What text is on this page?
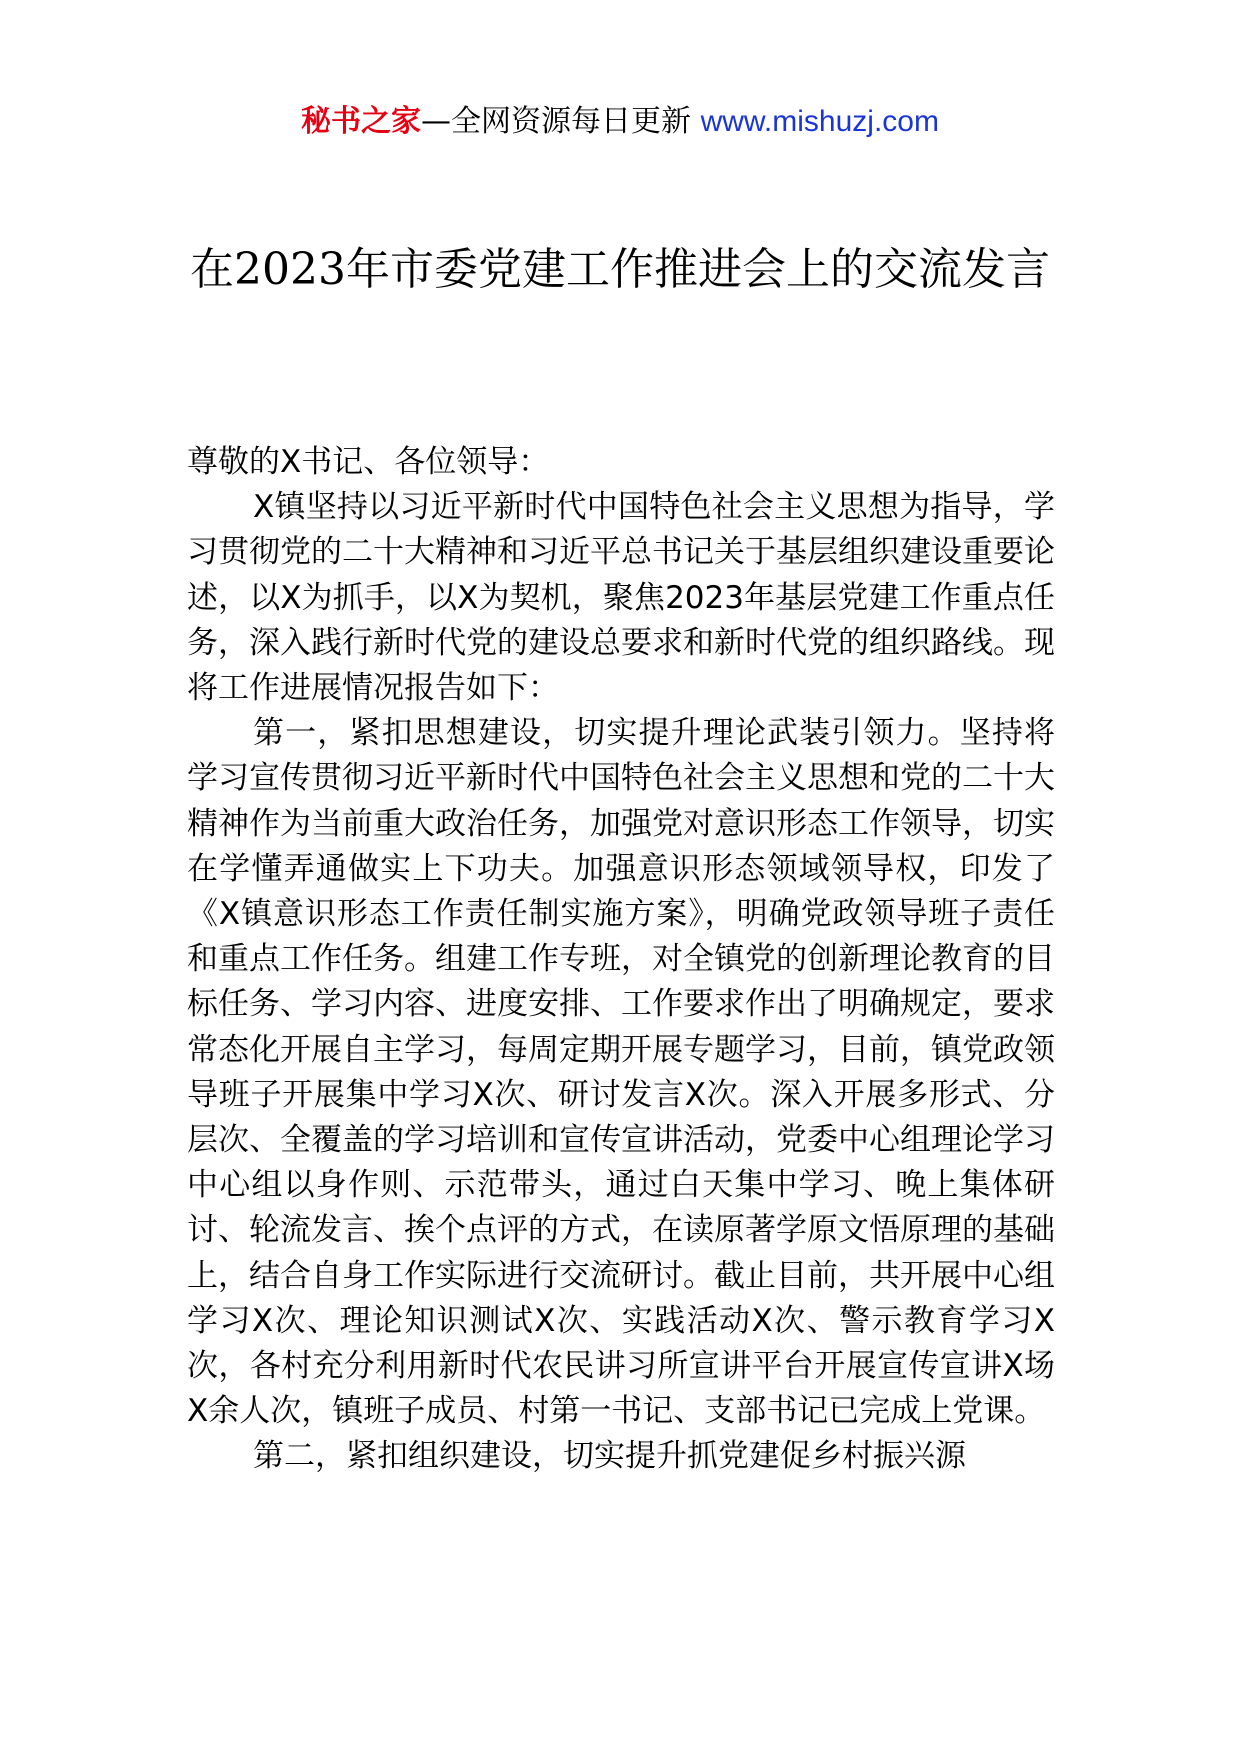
秘书之家—全网资源每日更新 www.mishuzj.com
在2023年市委党建工作推进会上的交流发言

尊敬的X书记、各位领导：

X镇坚持以习近平新时代中国特色社会主义思想为指导，学习贯彻党的二十大精神和习近平总书记关于基层组织建设重要论述，以X为抓手，以X为契机，聚焦2023年基层党建工作重点任务，深入践行新时代党的建设总要求和新时代党的组织路线。现将工作进展情况报告如下：

第一，紧扣思想建设，切实提升理论武装引领力。坚持将学习宣传贯彻习近平新时代中国特色社会主义思想和党的二十大精神作为当前重大政治任务，加强党对意识形态工作领导，切实在学懂弄通做实上下功夫。加强意识形态领域领导权，印发了《X镇意识形态工作责任制实施方案》，明确党政领导班子责任和重点工作任务。组建工作专班，对全镇党的创新理论教育的目标任务、学习内容、进度安排、工作要求作出了明确规定，要求常态化开展自主学习，每周定期开展专题学习，目前，镇党政领导班子开展集中学习X次、研讨发言X次。深入开展多形式、分层次、全覆盖的学习培训和宣传宣讲活动，党委中心组理论学习中心组以身作则、示范带头，通过白天集中学习、晚上集体研讨、轮流发言、挨个点评的方式，在读原著学原文悟原理的基础上，结合自身工作实际进行交流研讨。截止目前，共开展中心组学习X次、理论知识测试X次、实践活动X次、警示教育学习X次，各村充分利用新时代农民讲习所宣讲平台开展宣传宣讲X场X余人次，镇班子成员、村第一书记、支部书记已完成上党课。

第二，紧扣组织建设，切实提升抓党建促乡村振兴源
